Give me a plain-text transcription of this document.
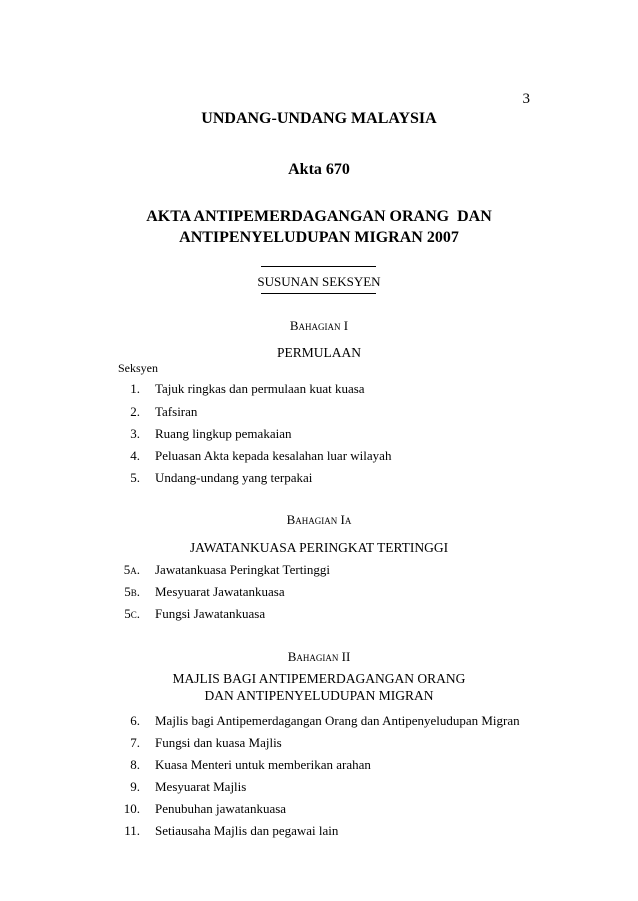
3
UNDANG-UNDANG MALAYSIA
Akta 670
AKTA ANTIPEMERDAGANGAN ORANG  DAN
ANTIPENYELUDUPAN MIGRAN 2007
SUSUNAN SEKSYEN
Bahagian I
PERMULAAN
Seksyen
1. Tajuk ringkas dan permulaan kuat kuasa
2. Tafsiran
3. Ruang lingkup pemakaian
4. Peluasan Akta kepada kesalahan luar wilayah
5. Undang-undang yang terpakai
Bahagian Ia
JAWATANKUASA PERINGKAT TERTINGGI
5a. Jawatankuasa Peringkat Tertinggi
5b. Mesyuarat Jawatankuasa
5c. Fungsi Jawatankuasa
Bahagian II
MAJLIS BAGI ANTIPEMERDAGANGAN ORANG
DAN ANTIPENYELUDUPAN MIGRAN
6. Majlis bagi Antipemerdagangan Orang dan Antipenyeludupan Migran
7. Fungsi dan kuasa Majlis
8. Kuasa Menteri untuk memberikan arahan
9. Mesyuarat Majlis
10. Penubuhan jawatankuasa
11. Setiausaha Majlis dan pegawai lain
